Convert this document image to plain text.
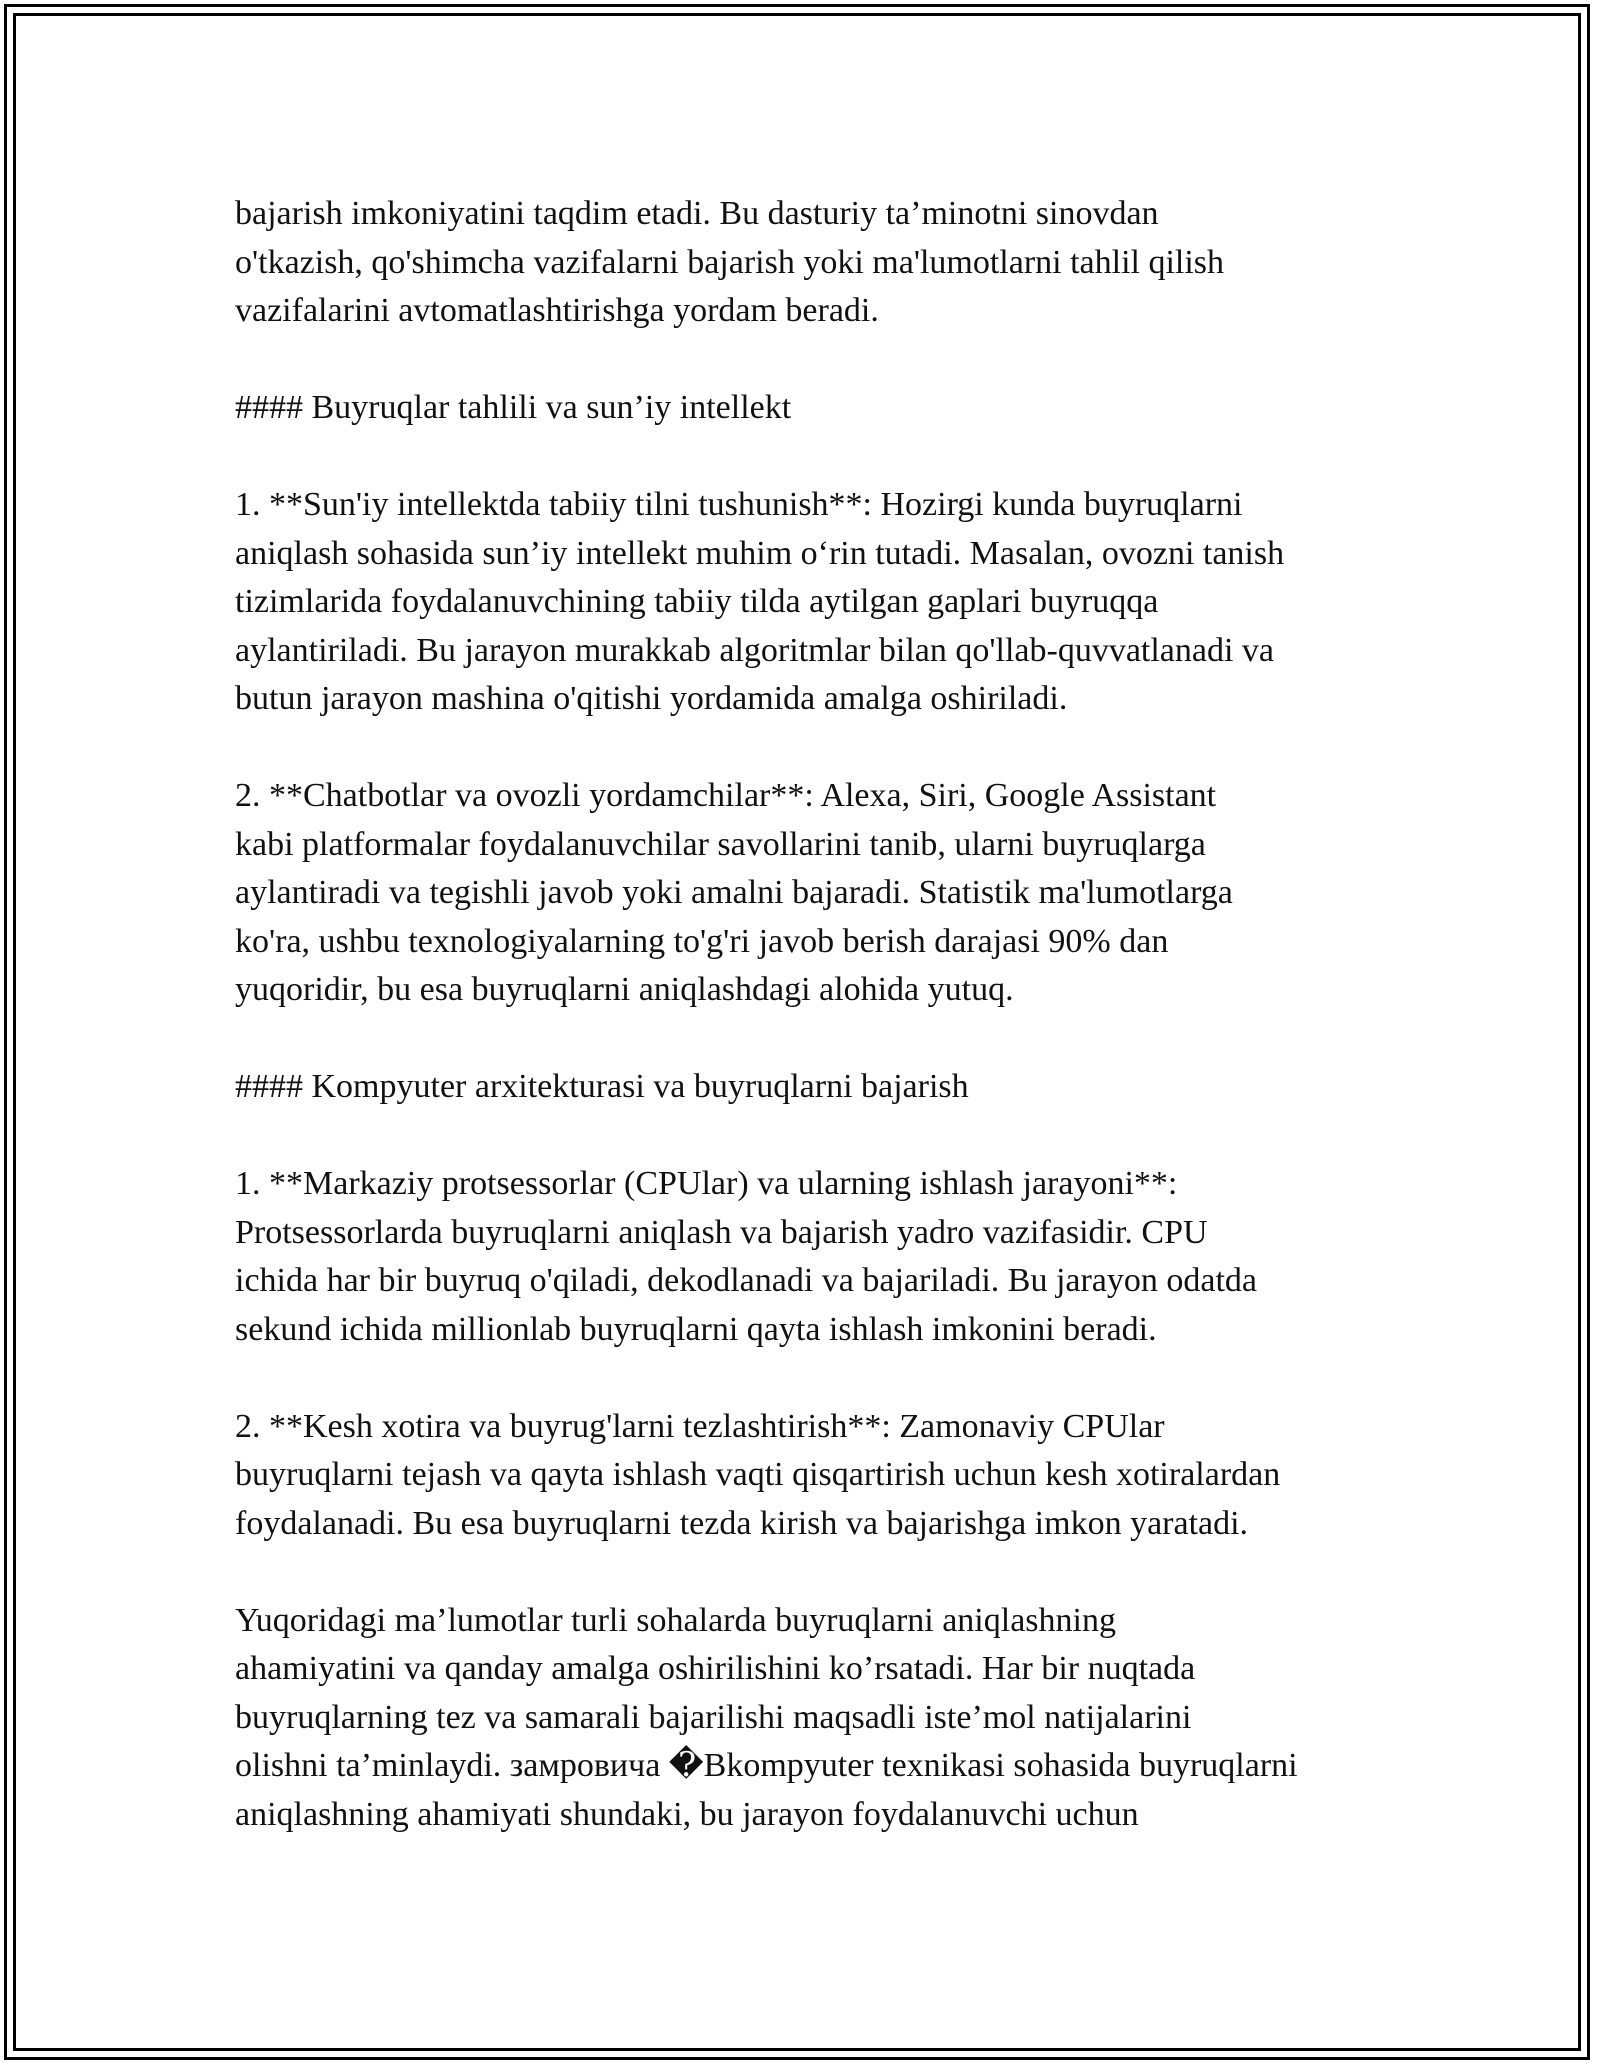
bajarish imkoniyatini taqdim etadi. Bu dasturiy ta’minotni sinovdan
o'tkazish, qo'shimcha vazifalarni bajarish yoki ma'lumotlarni tahlil qilish
vazifalarini avtomatlashtirishga yordam beradi.

#### Buyruqlar tahlili va sun’iy intellekt

1. **Sun'iy intellektda tabiiy tilni tushunish**: Hozirgi kunda buyruqlarni
aniqlash sohasida sun’iy intellekt muhim o‘rin tutadi. Masalan, ovozni tanish
tizimlarida foydalanuvchining tabiiy tilda aytilgan gaplari buyruqqa
aylantiriladi. Bu jarayon murakkab algoritmlar bilan qo'llab-quvvatlanadi va
butun jarayon mashina o'qitishi yordamida amalga oshiriladi.

2. **Chatbotlar va ovozli yordamchilar**: Alexa, Siri, Google Assistant
kabi platformalar foydalanuvchilar savollarini tanib, ularni buyruqlarga
aylantiradi va tegishli javob yoki amalni bajaradi. Statistik ma'lumotlarga
ko'ra, ushbu texnologiyalarning to'g'ri javob berish darajasi 90% dan
yuqoridir, bu esa buyruqlarni aniqlashdagi alohida yutuq.

#### Kompyuter arxitekturasi va buyruqlarni bajarish

1. **Markaziy protsessorlar (CPUlar) va ularning ishlash jarayoni**:
Protsessorlarda buyruqlarni aniqlash va bajarish yadro vazifasidir. CPU
ichida har bir buyruq o'qiladi, dekodlanadi va bajariladi. Bu jarayon odatda
sekund ichida millionlab buyruqlarni qayta ishlash imkonini beradi.

2. **Kesh xotira va buyrug'larni tezlashtirish**: Zamonaviy CPUlar
buyruqlarni tejash va qayta ishlash vaqti qisqartirish uchun kesh xotiralardan
foydalanadi. Bu esa buyruqlarni tezda kirish va bajarishga imkon yaratadi.

Yuqoridagi ma’lumotlar turli sohalarda buyruqlarni aniqlashning
ahamiyatini va qanday amalga oshirilishini ko’rsatadi. Har bir nuqtada
buyruqlarning tez va samarali bajarilishi maqsadli iste’mol natijalarini
olishni ta’minlaydi. замровича �Вkompyuter texnikasi sohasida buyruqlarni
aniqlashning ahamiyati shundaki, bu jarayon foydalanuvchi uchun
